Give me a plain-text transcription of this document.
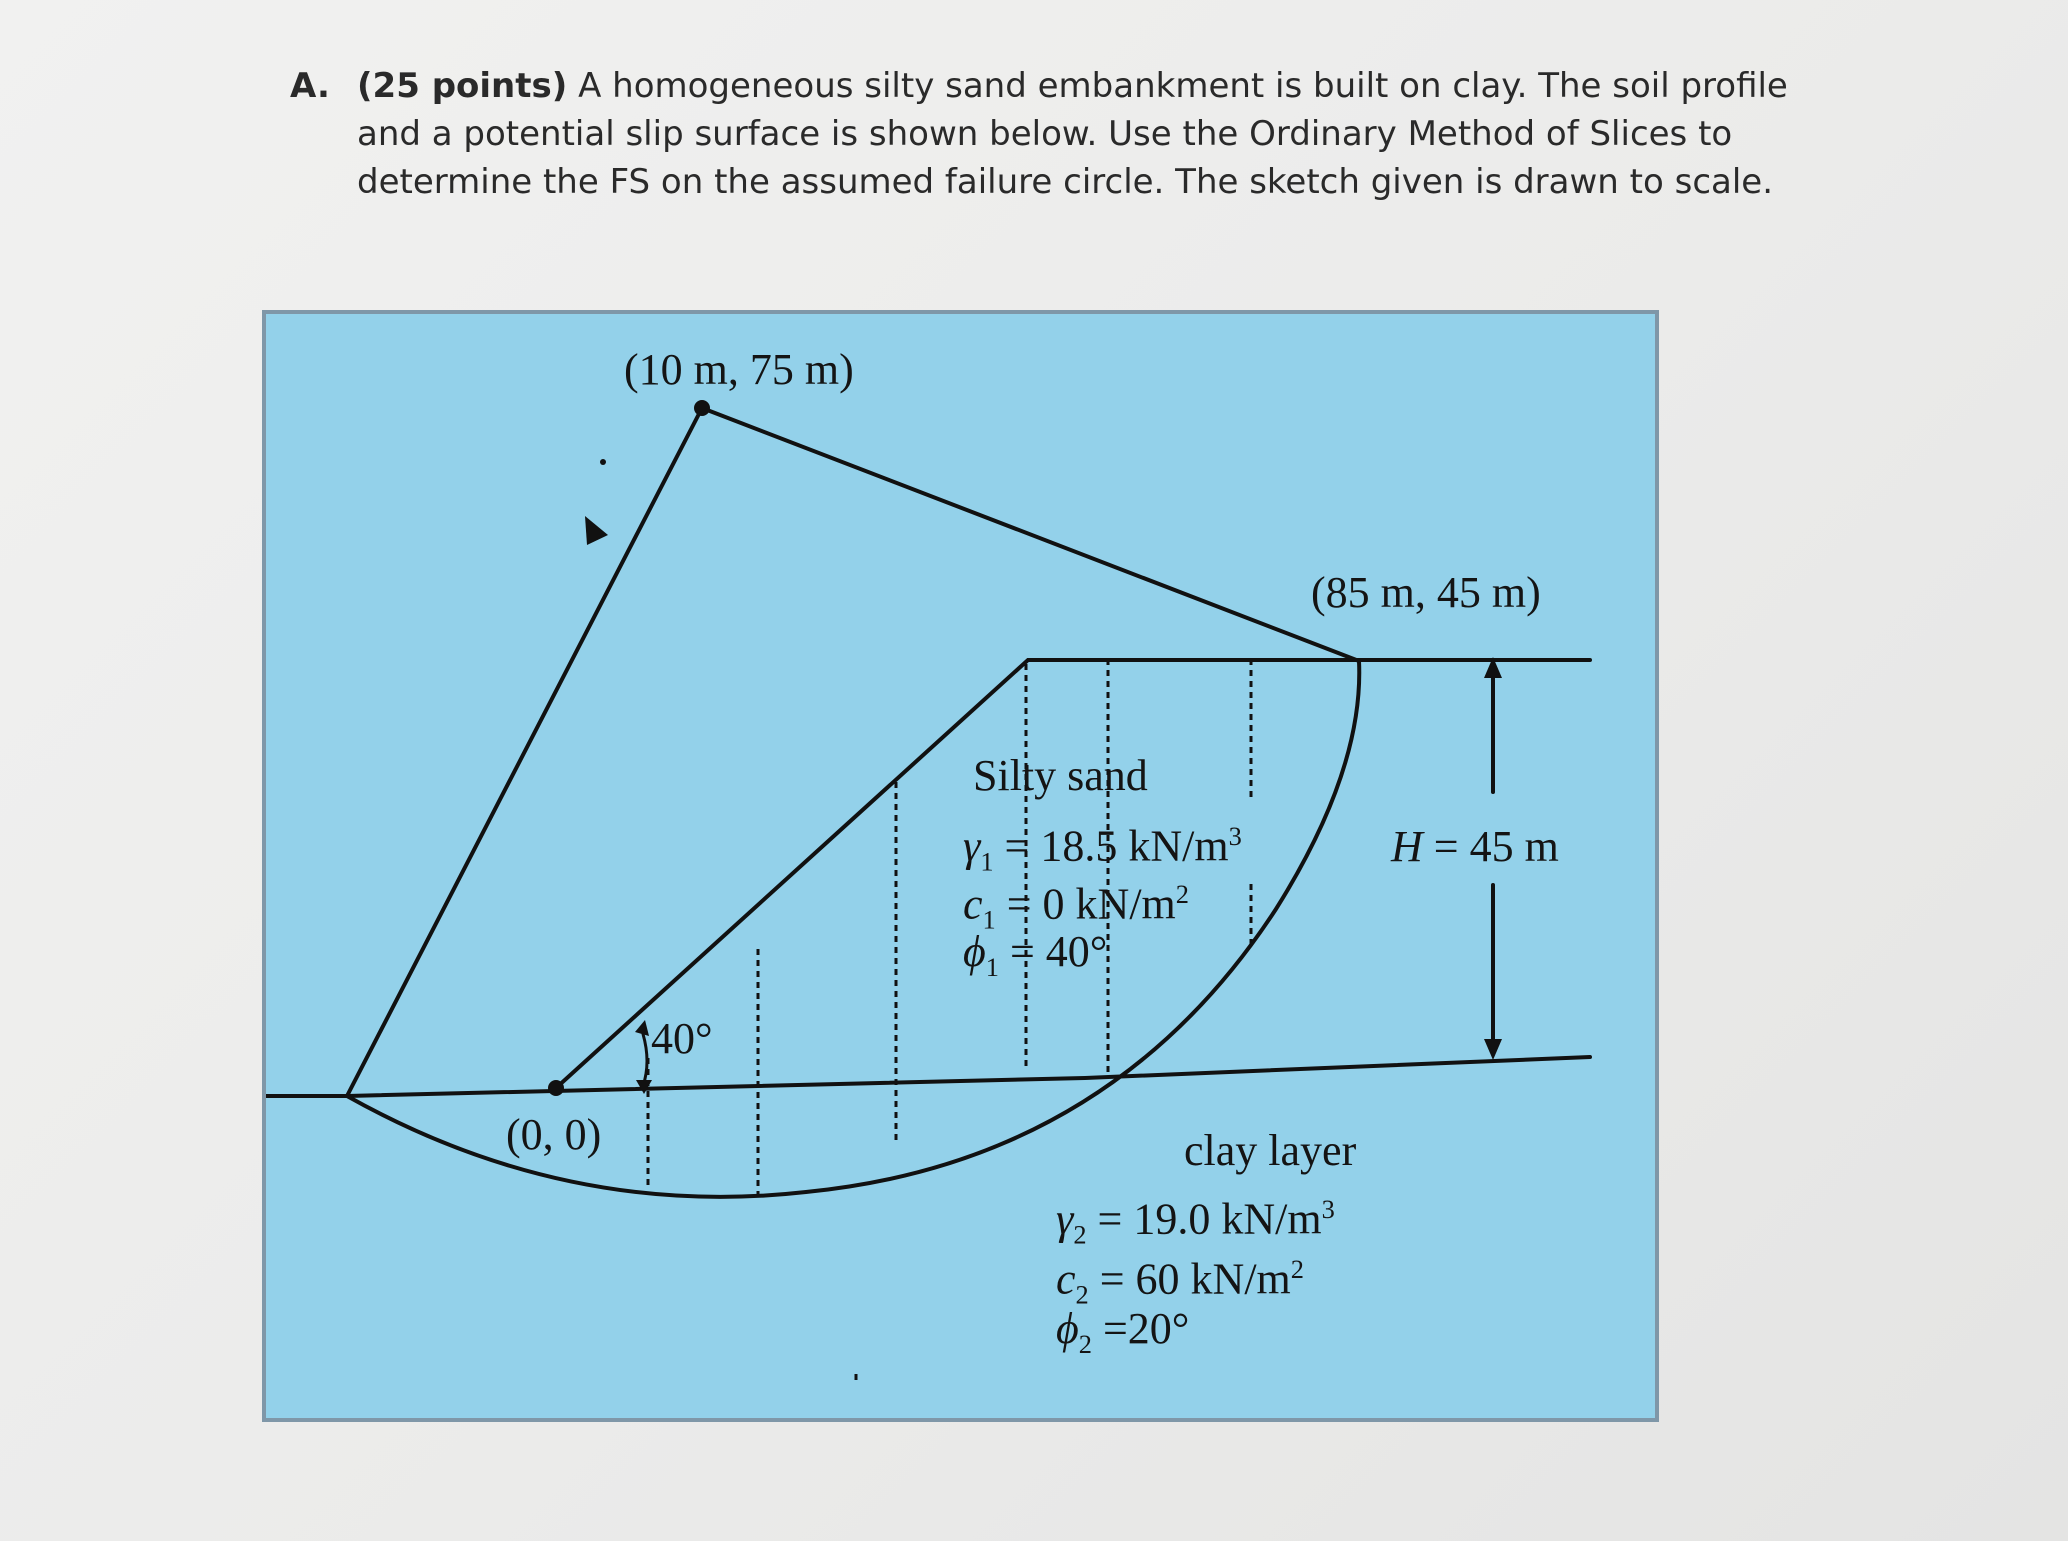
A. (25 points) A homogeneous silty sand embankment is built on clay. The soil profile and a potential slip surface is shown below. Use the Ordinary Method of Slices to determine the FS on the assumed failure circle. The sketch given is drawn to scale.
(10 m, 75 m)
(85 m, 45 m)
(0, 0)
40°
H = 45 m
Silty sand
$\gamma_1 = 18.5$ $kN/m^3$
$c_1 = 0$ $kN/m^2$
$\phi_1 = 40^\circ$
clay layer
$\gamma_2 = 19.0$ $kN/m^3$
$c_2 = 60$ $kN/m^2$
$\phi_2 =20^\circ$
